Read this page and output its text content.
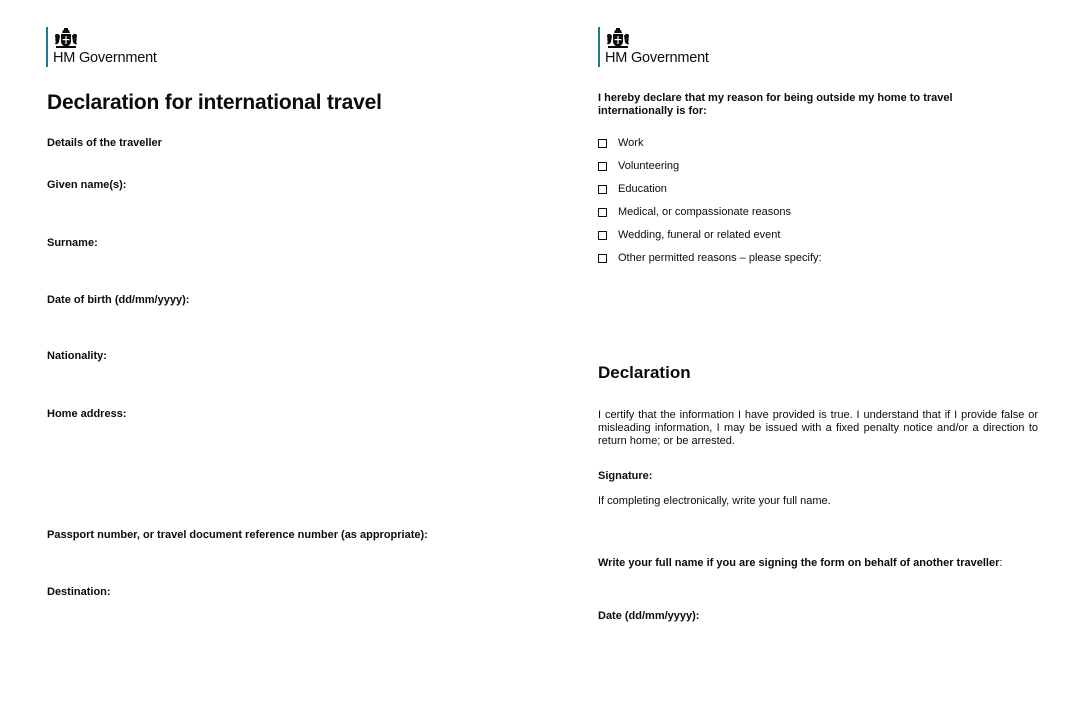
HM Government
Declaration for international travel
Details of the traveller
Given name(s):
Surname:
Date of birth (dd/mm/yyyy):
Nationality:
Home address:
Passport number, or travel document reference number (as appropriate):
Destination:
HM Government
I hereby declare that my reason for being outside my home to travel internationally is for:
Work
Volunteering
Education
Medical, or compassionate reasons
Wedding, funeral or related event
Other permitted reasons – please specify:
Declaration
I certify that the information I have provided is true. I understand that if I provide false or misleading information, I may be issued with a fixed penalty notice and/or a direction to return home; or be arrested.
Signature:
If completing electronically, write your full name.
Write your full name if you are signing the form on behalf of another traveller:
Date (dd/mm/yyyy):
